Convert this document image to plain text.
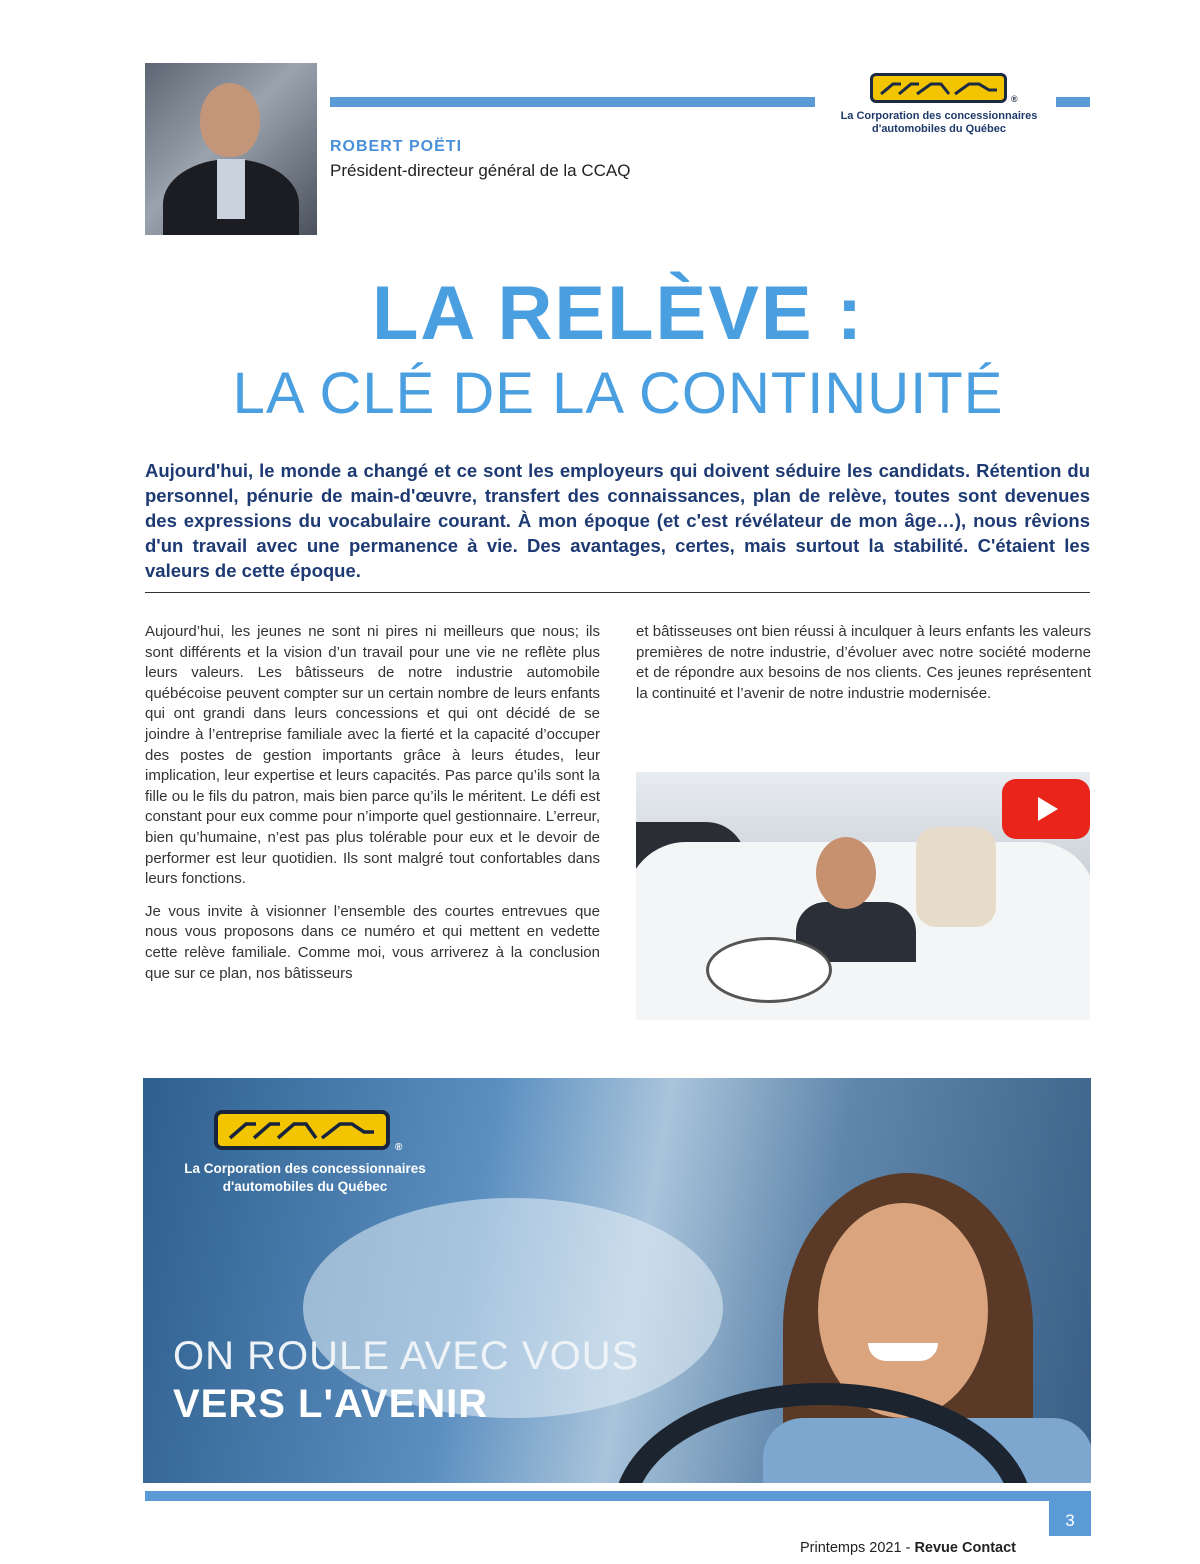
®
La Corporation des concessionnaires
d'automobiles du Québec
ROBERT POËTI
Président-directeur général de la CCAQ
LA RELÈVE :
LA CLÉ DE LA CONTINUITÉ
Aujourd'hui, le monde a changé et ce sont les employeurs qui doivent séduire les candidats. Rétention du personnel, pénurie de main-d'œuvre, transfert des connaissances, plan de relève, toutes sont devenues des expressions du vocabulaire courant. À mon époque (et c'est révélateur de mon âge…), nous rêvions d'un travail avec une permanence à vie. Des avantages, certes, mais surtout la stabilité. C'étaient les valeurs de cette époque.

Aujourd’hui, les jeunes ne sont ni pires ni meilleurs que nous; ils sont différents et la vision d’un travail pour une vie ne reflète plus leurs valeurs. Les bâtisseurs de notre industrie automobile québécoise peuvent compter sur un certain nombre de leurs enfants qui ont grandi dans leurs concessions et qui ont décidé de se joindre à l’entreprise familiale avec la fierté et la capacité d’occuper des postes de gestion importants grâce à leurs études, leur implication, leur expertise et leurs capacités. Pas parce qu’ils sont la fille ou le fils du patron, mais bien parce qu’ils le méritent. Le défi est constant pour eux comme pour n’importe quel gestionnaire. L’erreur, bien qu’humaine, n’est pas plus tolérable pour eux et le devoir de performer est leur quotidien. Ils sont malgré tout confortables dans leurs fonctions.

Je vous invite à visionner l’ensemble des courtes entrevues que nous vous proposons dans ce numéro et qui mettent en vedette cette relève familiale. Comme moi, vous arriverez à la conclusion que sur ce plan, nos bâtisseurs

et bâtisseuses ont bien réussi à inculquer à leurs enfants les valeurs premières de notre industrie, d’évoluer avec notre société moderne et de répondre aux besoins de nos clients. Ces jeunes représentent la continuité et l’avenir de notre industrie modernisée.

®
La Corporation des concessionnaires
d'automobiles du Québec
ON ROULE AVEC VOUS
VERS L'AVENIR
Printemps 2021 - Revue Contact
3
